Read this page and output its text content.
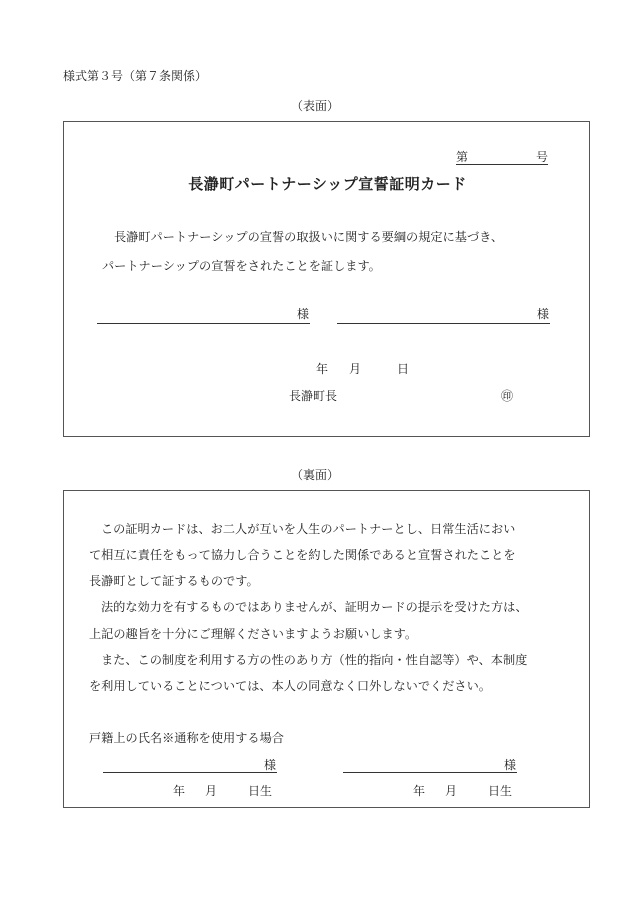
様式第３号（第７条関係）
（表面）
第	号
長瀞町パートナーシップ宣誓証明カード
長瀞町パートナーシップの宣誓の取扱いに関する要綱の規定に基づき、
パートナーシップの宣誓をされたことを証します。
様	様
年 月	日
長瀞町長	㊞
（裏面）
この証明カードは、お二人が互いを人生のパートナーとし、日常生活におい
て相互に責任をもって協力し合うことを約した関係であると宣誓されたことを
長瀞町として証するものです。
法的な効力を有するものではありませんが、証明カードの提示を受けた方は、
上記の趣旨を十分にご理解くださいますようお願いします。
また、この制度を利用する方の性のあり方（性的指向・性自認等）や、本制度
を利用していることについては、本人の同意なく口外しないでください。
戸籍上の氏名※通称を使用する場合
様	様
年 月	日生	年 月	日生
